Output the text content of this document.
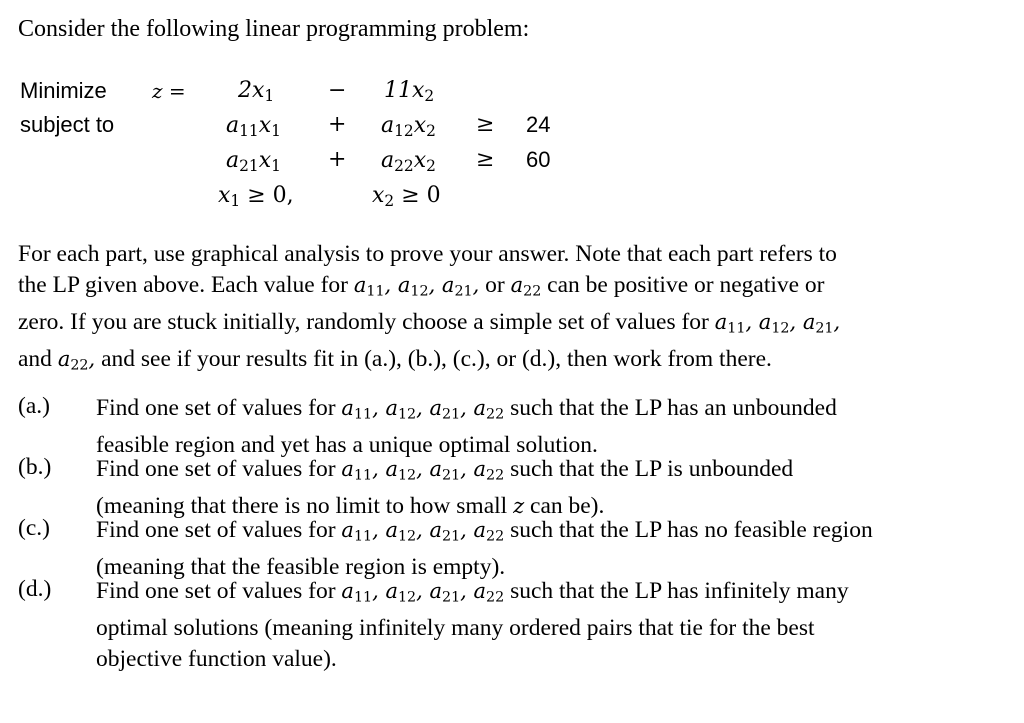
Consider the following linear programming problem:
Minimize
subject to
$z = 2x_1 - 11x_2$
$a_{11}x_1 + a_{12}x_2 \ge 24$
$a_{21}x_1 + a_{22}x_2 \ge 60$
$x_1 \ge 0$,	$x_2 \ge 0$

For each part, use graphical analysis to prove your answer. Note that each part refers to

the LP given above. Each value for $a_{11}$, $a_{12}$, $a_{21}$, or $a_{22}$ can be positive or negative or

zero. If you are stuck initially, randomly choose a simple set of values for $a_{11}$, $a_{12}$, $a_{21}$,

and $a_{22}$, and see if your results fit in (a.), (b.), (c.), or (d.), then work from there.

(a.) Find one set of values for $a_{11}$, $a_{12}$, $a_{21}$, $a_{22}$ such that the LP has an unbounded
feasible region and yet has a unique optimal solution.
(b.) Find one set of values for $a_{11}$, $a_{12}$, $a_{21}$, $a_{22}$ such that the LP is unbounded
(meaning that there is no limit to how small z can be).
(c.) Find one set of values for $a_{11}$, $a_{12}$, $a_{21}$, $a_{22}$ such that the LP has no feasible region
(meaning that the feasible region is empty).
(d.) Find one set of values for $a_{11}$, $a_{12}$, $a_{21}$, $a_{22}$ such that the LP has infinitely many
optimal solutions (meaning infinitely many ordered pairs that tie for the best
objective function value).
